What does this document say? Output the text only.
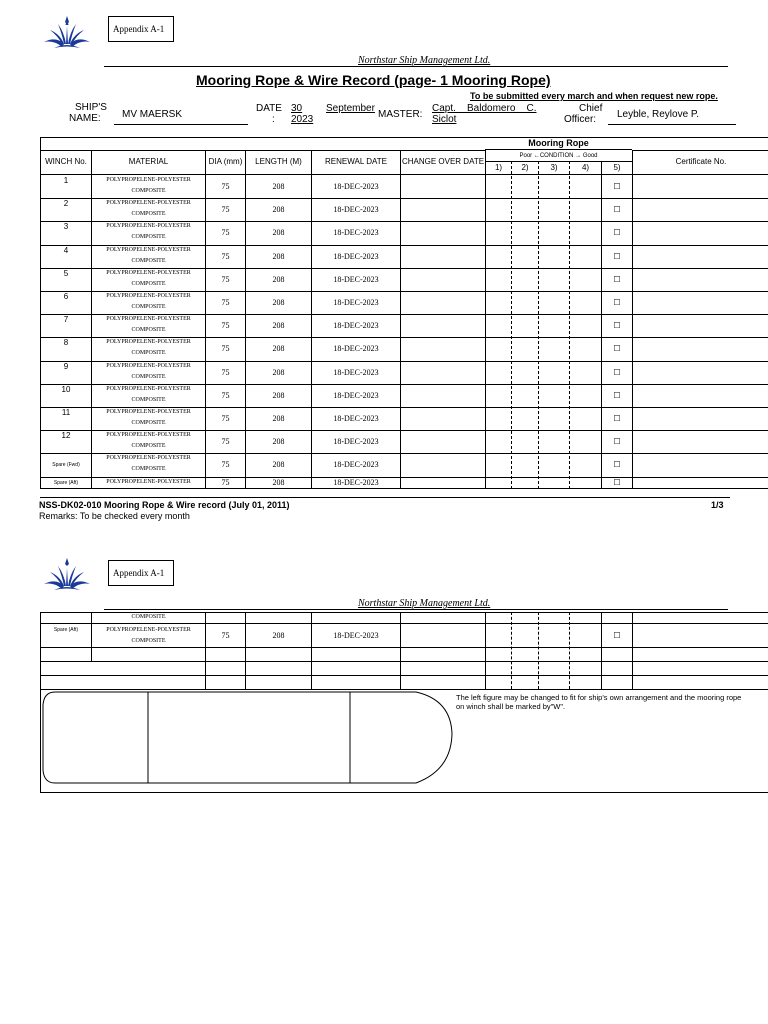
Appendix A-1
Northstar Ship Management Ltd.
Mooring Rope & Wire Record (page- 1 Mooring Rope)
To be submitted every march and when request new rope.
SHIP'S
NAME: MV MAERSK
DATE
:
30 September
2023	MASTER:
Capt.    Baldomero    C.
Siclot
Chief
Officer: Leyble, Reylove P.
Mooring Rope
WINCH No.	MATERIAL	DIA (mm)	LENGTH (M)	RENEWAL DATE	CHANGE OVER DATE
Poor ←CONDITION → Good
1)	2)	3)	4)	5)
Certificate No.
1	POLYPROPELENE-POLYESTER
COMPOSITE	75	208	18-DEC-2023	☐
2	POLYPROPELENE-POLYESTER
COMPOSITE	75	208	18-DEC-2023	☐
3	POLYPROPELENE-POLYESTER
COMPOSITE	75	208	18-DEC-2023	☐
4	POLYPROPELENE-POLYESTER
COMPOSITE	75	208	18-DEC-2023	☐
5	POLYPROPELENE-POLYESTER
COMPOSITE	75	208	18-DEC-2023	☐
6	POLYPROPELENE-POLYESTER
COMPOSITE	75	208	18-DEC-2023	☐
7	POLYPROPELENE-POLYESTER
COMPOSITE	75	208	18-DEC-2023	☐
8	POLYPROPELENE-POLYESTER
COMPOSITE	75	208	18-DEC-2023	☐
9	POLYPROPELENE-POLYESTER
COMPOSITE	75	208	18-DEC-2023	☐
10	POLYPROPELENE-POLYESTER
COMPOSITE	75	208	18-DEC-2023	☐
11	POLYPROPELENE-POLYESTER
COMPOSITE	75	208	18-DEC-2023	☐
12	POLYPROPELENE-POLYESTER
COMPOSITE	75	208	18-DEC-2023	☐
Spare (Fwd)
POLYPROPELENE-POLYESTER
COMPOSITE	75	208	18-DEC-2023	☐
Spare (Aft)	POLYPROPELENE-POLYESTER	75	208	18-DEC-2023	☐
NSS-DK02-010 Mooring Rope & Wire record (July 01, 2011)	1/3
Remarks: To be checked every month
Appendix A-1
Northstar Ship Management Ltd.
COMPOSITE
Spare (Aft)	POLYPROPELENE-POLYESTER
COMPOSITE
75	208	18-DEC-2023	☐
The left figure may be changed to fit for ship's own arrangement and the mooring rope on winch shall be marked by"W".
